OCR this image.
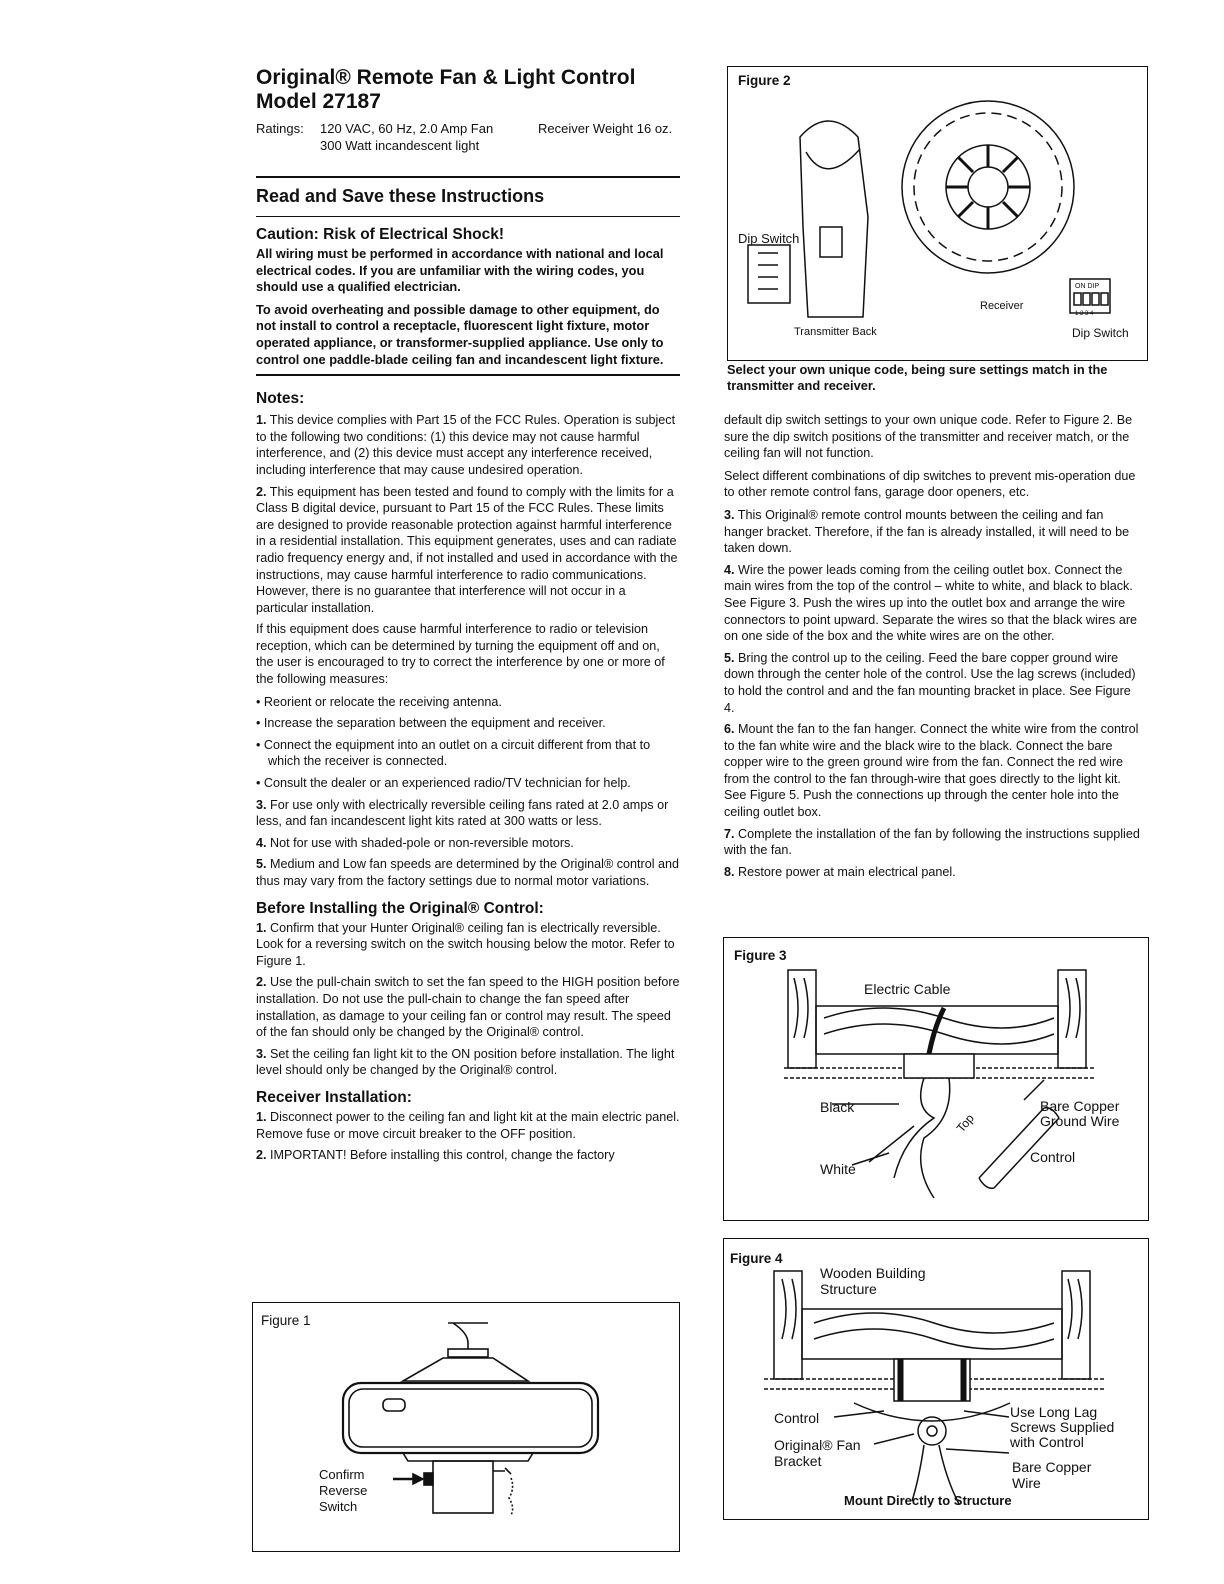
Original® Remote Fan & Light Control
Model 27187
Ratings:	120 VAC, 60 Hz, 2.0 Amp Fan
300 Watt incandescent light
Receiver Weight 16 oz.
Read and Save these Instructions
Caution: Risk of Electrical Shock!

All wiring must be performed in accordance with national and local electrical codes. If you are unfamiliar with the wiring codes, you should use a qualified electrician.

To avoid overheating and possible damage to other equipment, do not install to control a receptacle, fluorescent light fixture, motor operated appliance, or transformer-supplied appliance. Use only to control one paddle-blade ceiling fan and incandescent light fixture.

Notes:
1. This device complies with Part 15 of the FCC Rules. Operation is subject to the following two conditions: (1) this device may not cause harmful interference, and (2) this device must accept any interference received, including interference that may cause undesired operation.
2. This equipment has been tested and found to comply with the limits for a Class B digital device, pursuant to Part 15 of the FCC Rules. These limits are designed to provide reasonable protection against harmful interference in a residential installation. This equipment generates, uses and can radiate radio frequency energy and, if not installed and used in accordance with the instructions, may cause harmful interference to radio communications. However, there is no guarantee that interference will not occur in a particular installation.

If this equipment does cause harmful interference to radio or television reception, which can be determined by turning the equipment off and on, the user is encouraged to try to correct the interference by one or more of the following measures:

• Reorient or relocate the receiving antenna.
• Increase the separation between the equipment and receiver.
• Connect the equipment into an outlet on a circuit different from that to which the receiver is connected.
• Consult the dealer or an experienced radio/TV technician for help.
3. For use only with electrically reversible ceiling fans rated at 2.0 amps or less, and fan incandescent light kits rated at 300 watts or less.
4. Not for use with shaded-pole or non-reversible motors.
5. Medium and Low fan speeds are determined by the Original® control and thus may vary from the factory settings due to normal motor variations.
Before Installing the Original® Control:
1. Confirm that your Hunter Original® ceiling fan is electrically reversible. Look for a reversing switch on the switch housing below the motor. Refer to Figure 1.
2. Use the pull-chain switch to set the fan speed to the HIGH position before installation. Do not use the pull-chain to change the fan speed after installation, as damage to your ceiling fan or control may result. The speed of the fan should only be changed by the Original® control.
3. Set the ceiling fan light kit to the ON position before installation. The light level should only be changed by the Original® control.
Receiver Installation:
1. Disconnect power to the ceiling fan and light kit at the main electric panel. Remove fuse or move circuit breaker to the OFF position.
2. IMPORTANT! Before installing this control, change the factory
Figure 1
Confirm
Reverse
Switch
Figure 2
Dip Switch
Transmitter Back
Receiver
Dip Switch
ON DIP
1 2 3 4

Select your own unique code, being sure settings match in the transmitter and receiver.

default dip switch settings to your own unique code. Refer to Figure 2. Be sure the dip switch positions of the transmitter and receiver match, or the ceiling fan will not function.

Select different combinations of dip switches to prevent mis-operation due to other remote control fans, garage door openers, etc.

3. This Original® remote control mounts between the ceiling and fan hanger bracket. Therefore, if the fan is already installed, it will need to be taken down.
4. Wire the power leads coming from the ceiling outlet box. Connect the main wires from the top of the control – white to white, and black to black. See Figure 3. Push the wires up into the outlet box and arrange the wire connectors to point upward. Separate the wires so that the black wires are on one side of the box and the white wires are on the other.
5. Bring the control up to the ceiling. Feed the bare copper ground wire down through the center hole of the control. Use the lag screws (included) to hold the control and and the fan mounting bracket in place. See Figure 4.
6. Mount the fan to the fan hanger. Connect the white wire from the control to the fan white wire and the black wire to the black. Connect the bare copper wire to the green ground wire from the fan. Connect the red wire from the control to the fan through-wire that goes directly to the light kit. See Figure 5. Push the connections up through the center hole into the ceiling outlet box.
7. Complete the installation of the fan by following the instructions supplied with the fan.
8. Restore power at main electrical panel.
Figure 3
Electric Cable
Black
White
Top
Bare Copper
Ground Wire
Control
Figure 4
Wooden Building
Structure
Control
Original® Fan
Bracket
Use Long Lag
Screws Supplied
with Control
Bare Copper
Wire
Mount Directly to Structure
